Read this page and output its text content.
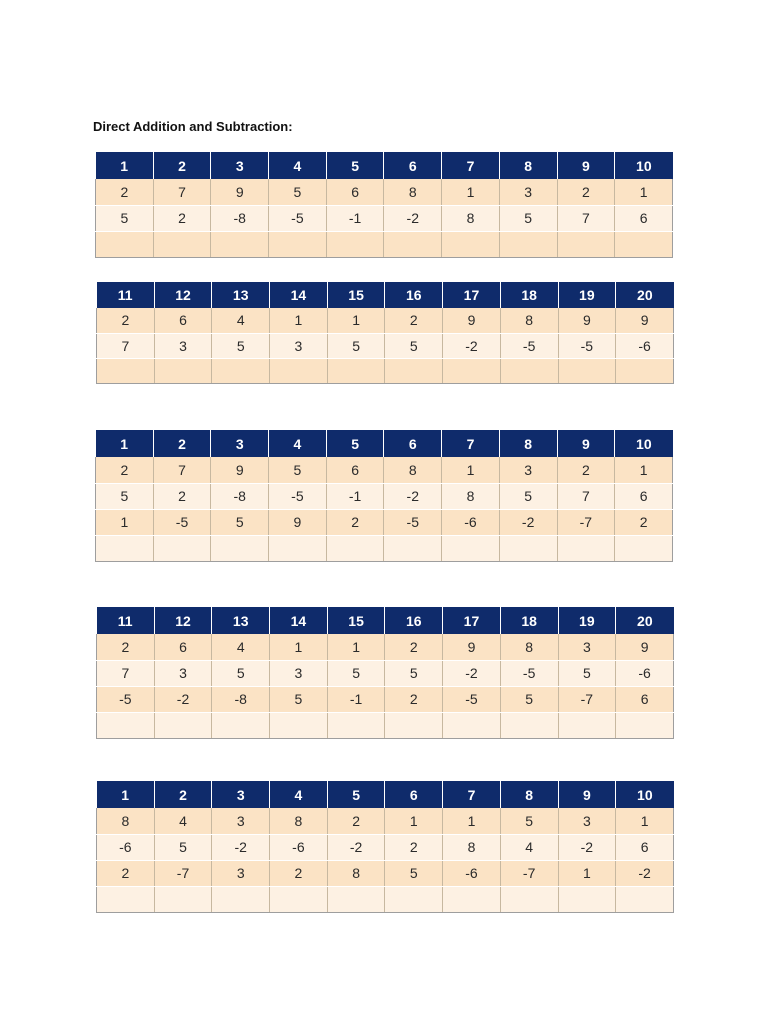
Direct Addition and Subtraction:
1	2	3	4	5	6	7	8	9	10
2	7	9	5	6	8	1	3	2	1
5	2	-8	-5	-1	-2	8	5	7	6

11	12	13	14	15	16	17	18	19	20
2	6	4	1	1	2	9	8	9	9
7	3	5	3	5	5	-2	-5	-5	-6

1	2	3	4	5	6	7	8	9	10
2	7	9	5	6	8	1	3	2	1
5	2	-8	-5	-1	-2	8	5	7	6
1	-5	5	9	2	-5	-6	-2	-7	2

11	12	13	14	15	16	17	18	19	20
2	6	4	1	1	2	9	8	3	9
7	3	5	3	5	5	-2	-5	5	-6
-5	-2	-8	5	-1	2	-5	5	-7	6

1	2	3	4	5	6	7	8	9	10
8	4	3	8	2	1	1	5	3	1
-6	5	-2	-6	-2	2	8	4	-2	6
2	-7	3	2	8	5	-6	-7	1	-2
